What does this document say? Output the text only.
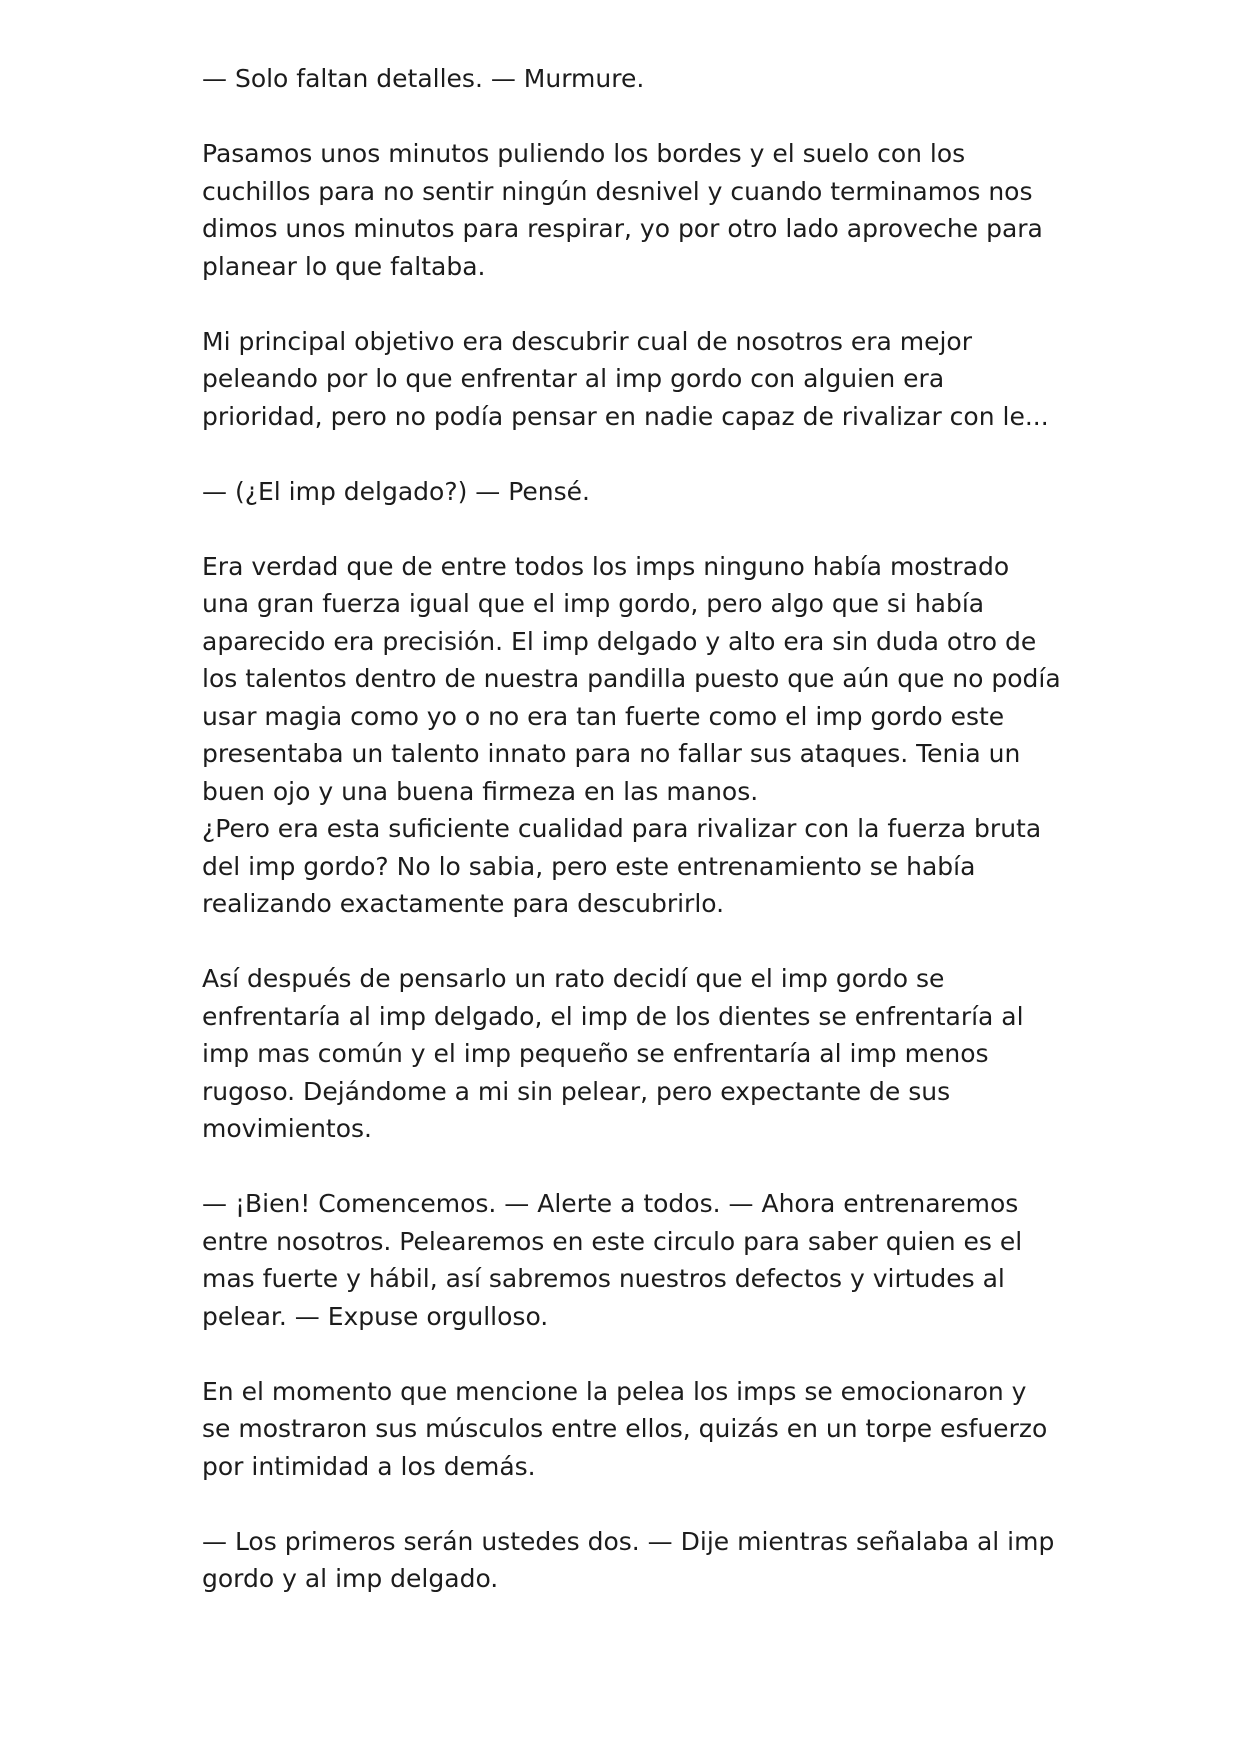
— Solo faltan detalles. — Murmure.

Pasamos unos minutos puliendo los bordes y el suelo con los cuchillos para no sentir ningún desnivel y cuando terminamos nos dimos unos minutos para respirar, yo por otro lado aproveche para planear lo que faltaba.

Mi principal objetivo era descubrir cual de nosotros era mejor peleando por lo que enfrentar al imp gordo con alguien era prioridad, pero no podía pensar en nadie capaz de rivalizar con le...

— (¿El imp delgado?) — Pensé.

Era verdad que de entre todos los imps ninguno había mostrado una gran fuerza igual que el imp gordo, pero algo que si había aparecido era precisión. El imp delgado y alto era sin duda otro de los talentos dentro de nuestra pandilla puesto que aún que no podía usar magia como yo o no era tan fuerte como el imp gordo este presentaba un talento innato para no fallar sus ataques. Tenia un buen ojo y una buena firmeza en las manos.
¿Pero era esta suficiente cualidad para rivalizar con la fuerza bruta del imp gordo? No lo sabia, pero este entrenamiento se había realizando exactamente para descubrirlo.

Así después de pensarlo un rato decidí que el imp gordo se enfrentaría al imp delgado, el imp de los dientes se enfrentaría al imp mas común y el imp pequeño se enfrentaría al imp menos rugoso. Dejándome a mi sin pelear, pero expectante de sus movimientos.

— ¡Bien! Comencemos. — Alerte a todos. — Ahora entrenaremos entre nosotros. Pelearemos en este circulo para saber quien es el mas fuerte y hábil, así sabremos nuestros defectos y virtudes al pelear. — Expuse orgulloso.

En el momento que mencione la pelea los imps se emocionaron y se mostraron sus músculos entre ellos, quizás en un torpe esfuerzo por intimidad a los demás.

— Los primeros serán ustedes dos. — Dije mientras señalaba al imp gordo y al imp delgado.
